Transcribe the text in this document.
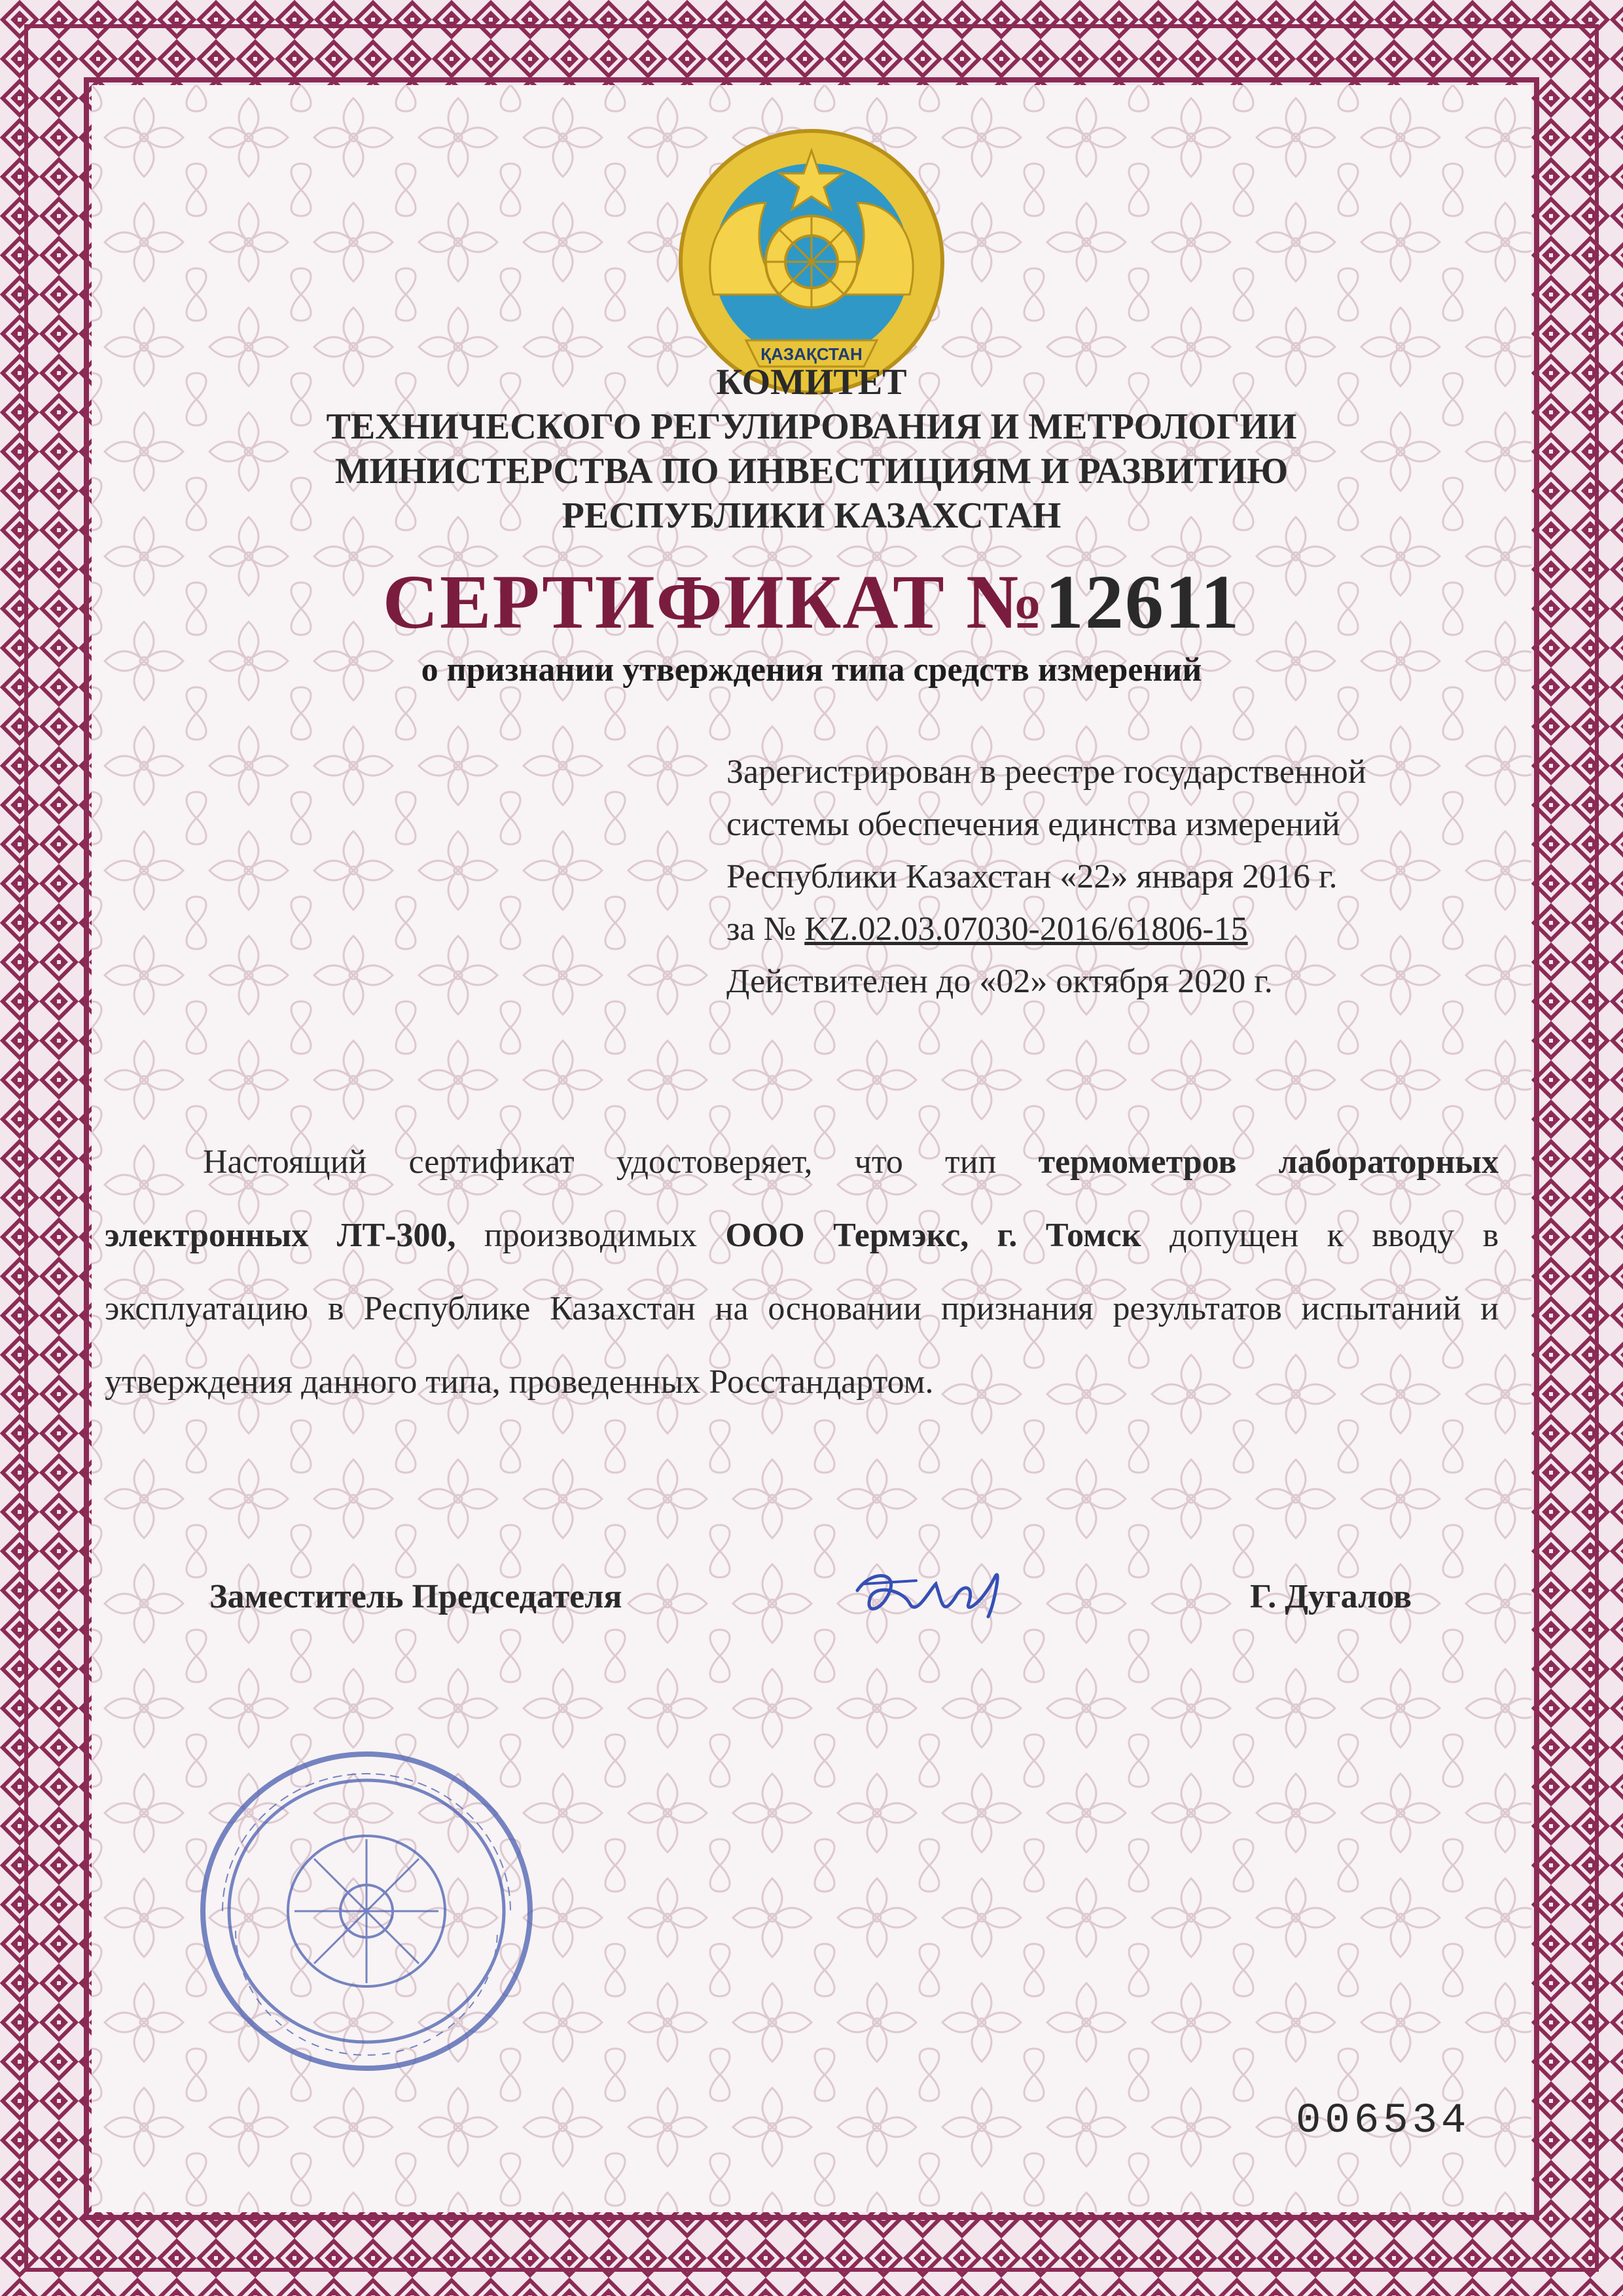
ҚАЗАҚСТАН
КОМИТЕТ
ТЕХНИЧЕСКОГО РЕГУЛИРОВАНИЯ И МЕТРОЛОГИИ
МИНИСТЕРСТВА ПО ИНВЕСТИЦИЯМ И РАЗВИТИЮ
РЕСПУБЛИКИ КАЗАХСТАН
СЕРТИФИКАТ №12611
о признании утверждения типа средств измерений
Зарегистрирован в реестре государственной
системы обеспечения единства измерений
Республики Казахстан «22» января 2016 г.
за № KZ.02.03.07030-2016/61806-15
Действителен до «02» октября 2020 г.
Настоящий сертификат удостоверяет, что тип термометров лабораторных электронных ЛТ-300, производимых ООО Термэкс, г. Томск допущен к вводу в эксплуатацию в Республике Казахстан на основании признания результатов испытаний и утверждения данного типа, проведенных Росстандартом.
Заместитель Председателя	Г. Дугалов
006534
